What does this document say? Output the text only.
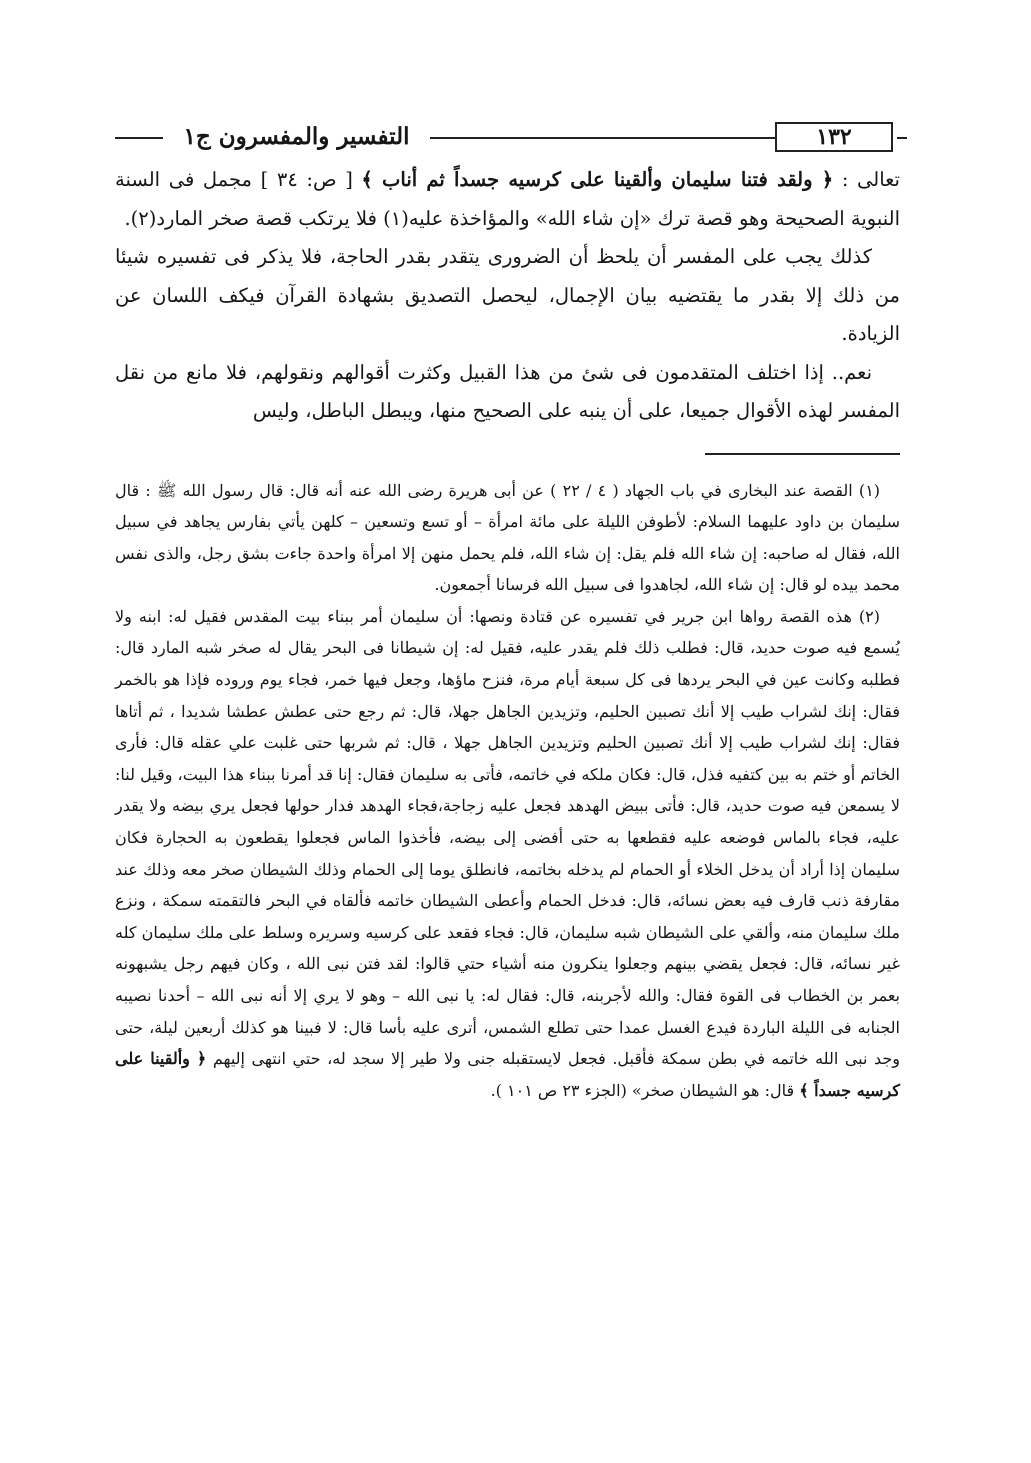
التفسير والمفسرون ج١	١٣٢

تعالى : ﴿ ولقد فتنا سليمان وألقينا على كرسيه جسداً ثم أناب ﴾ [ ص: ٣٤ ] مجمل فى السنة النبوية الصحيحة وهو قصة ترك «إن شاء الله» والمؤاخذة عليه(١) فلا يرتكب قصة صخر المارد(٢).

كذلك يجب على المفسر أن يلحظ أن الضرورى يتقدر بقدر الحاجة، فلا يذكر فى تفسيره شيئا من ذلك إلا بقدر ما يقتضيه بيان الإجمال، ليحصل التصديق بشهادة القرآن فيكف اللسان عن الزيادة.

نعم.. إذا اختلف المتقدمون فى شئ من هذا القبيل وكثرت أقوالهم ونقولهم، فلا مانع من نقل المفسر لهذه الأقوال جميعا، على أن ينبه على الصحيح منها، ويبطل الباطل، وليس

(١) القصة عند البخارى في باب الجهاد ( ٤ / ٢٢ ) عن أبى هريرة رضى الله عنه أنه قال: قال رسول الله ﷺ : قال سليمان بن داود عليهما السلام: لأطوفن الليلة على مائة امرأة – أو تسع وتسعين – كلهن يأتي بفارس يجاهد في سبيل الله، فقال له صاحبه: إن شاء الله فلم يقل: إن شاء الله، فلم يحمل منهن إلا امرأة واحدة جاءت بشق رجل، والذى نفس محمد بيده لو قال: إن شاء الله، لجاهدوا فى سبيل الله فرسانا أجمعون.

(٢) هذه القصة رواها ابن جرير في تفسيره عن قتادة ونصها: أن سليمان أمر ببناء بيت المقدس فقيل له: ابنه ولا يُسمع فيه صوت حديد، قال: فطلب ذلك فلم يقدر عليه، فقيل له: إن شيطانا فى البحر يقال له صخر شبه المارد قال: فطلبه وكانت عين في البحر يردها فى كل سبعة أيام مرة، فنزح ماؤها، وجعل فيها خمر، فجاء يوم وروده فإذا هو بالخمر فقال: إنك لشراب طيب إلا أنك تصبين الحليم، وتزيدين الجاهل جهلا، قال: ثم رجع حتى عطش عطشا شديدا ، ثم أتاها فقال: إنك لشراب طيب إلا أنك تصبين الحليم وتزيدين الجاهل جهلا ، قال: ثم شربها حتى غلبت علي عقله قال: فأرى الخاتم أو ختم به بين كتفيه فذل، قال: فكان ملكه في خاتمه، فأتى به سليمان فقال: إنا قد أمرنا ببناء هذا البيت، وقيل لنا: لا يسمعن فيه صوت حديد، قال: فأتى ببيض الهدهد فجعل عليه زجاجة،فجاء الهدهد فدار حولها فجعل يري بيضه ولا يقدر عليه، فجاء بالماس فوضعه عليه فقطعها به حتى أفضى إلى بيضه، فأخذوا الماس فجعلوا يقطعون به الحجارة فكان سليمان إذا أراد أن يدخل الخلاء أو الحمام لم يدخله بخاتمه، فانطلق يوما إلى الحمام وذلك الشيطان صخر معه وذلك عند مقارفة ذنب قارف فيه بعض نسائه، قال: فدخل الحمام وأعطى الشيطان خاتمه فألقاه في البحر فالتقمته سمكة ، ونزع ملك سليمان منه، وألقي على الشيطان شبه سليمان، قال: فجاء فقعد على كرسيه وسريره وسلط على ملك سليمان كله غير نسائه، قال: فجعل يقضي بينهم وجعلوا ينكرون منه أشياء حتي قالوا: لقد فتن نبى الله ، وكان فيهم رجل يشبهونه بعمر بن الخطاب فى القوة فقال: والله لأجربنه، قال: فقال له: يا نبى الله – وهو لا يري إلا أنه نبى الله – أحدنا نصيبه الجنابه فى الليلة الباردة فيدع الغسل عمدا حتى تطلع الشمس، أترى عليه بأسا قال: لا فبينا هو كذلك أربعين ليلة، حتى وجد نبى الله خاتمه في بطن سمكة فأقبل. فجعل لايستقبله جنى ولا طير إلا سجد له، حتي انتهى إليهم ﴿ وألقينا على كرسيه جسداً ﴾ قال: هو الشيطان صخر» (الجزء ٢٣ ص ١٠١ ).
